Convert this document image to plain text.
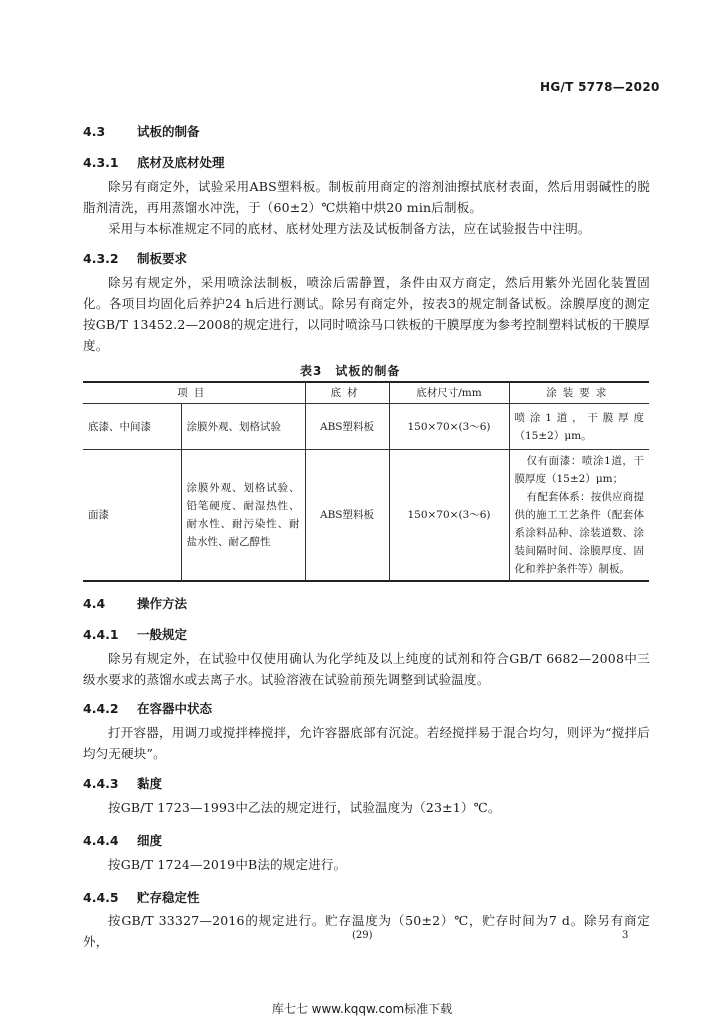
HG/T 5778—2020
4.3	试板的制备
4.3.1 底材及底材处理
除另有商定外，试验采用ABS塑料板。制板前用商定的溶剂油擦拭底材表面，然后用弱碱性的脱脂剂清洗，再用蒸馏水冲洗，于（60±2）℃烘箱中烘20 min后制板。
采用与本标准规定不同的底材、底材处理方法及试板制备方法，应在试验报告中注明。
4.3.2 制板要求
除另有规定外，采用喷涂法制板，喷涂后需静置，条件由双方商定，然后用紫外光固化装置固化。各项目均固化后养护24 h后进行测试。除另有商定外，按表3的规定制备试板。涂膜厚度的测定按GB/T 13452.2—2008的规定进行，以同时喷涂马口铁板的干膜厚度为参考控制塑料试板的干膜厚度。
表3　试板的制备
项目		底材	底材尺寸/mm	涂装要求
底漆、中间漆	涂膜外观、划格试验	ABS塑料板	150×70×(3～6)	喷涂1道，干膜厚度（15±2）μm。
面漆	涂膜外观、划格试验、铅笔硬度、耐湿热性、耐水性、耐污染性、耐盐水性、耐乙醇性	ABS塑料板	150×70×(3～6)	仅有面漆：喷涂1道，干膜厚度（15±2）μm；
有配套体系：按供应商提供的施工工艺条件（配套体系涂料品种、涂装道数、涂装间隔时间、涂膜厚度、固化和养护条件等）制板。
4.4	操作方法
4.4.1 一般规定
除另有规定外，在试验中仅使用确认为化学纯及以上纯度的试剂和符合GB/T 6682—2008中三级水要求的蒸馏水或去离子水。试验溶液在试验前预先调整到试验温度。
4.4.2 在容器中状态
打开容器，用调刀或搅拌棒搅拌，允许容器底部有沉淀。若经搅拌易于混合均匀，则评为“搅拌后均匀无硬块”。
4.4.3 黏度
按GB/T 1723—1993中乙法的规定进行，试验温度为（23±1）℃。
4.4.4 细度
按GB/T 1724—2019中B法的规定进行。
4.4.5 贮存稳定性
按GB/T 33327—2016的规定进行。贮存温度为（50±2）℃，贮存时间为7 d。除另有商定外，	(29)	3
库七七 www.kqqw.com标准下载
